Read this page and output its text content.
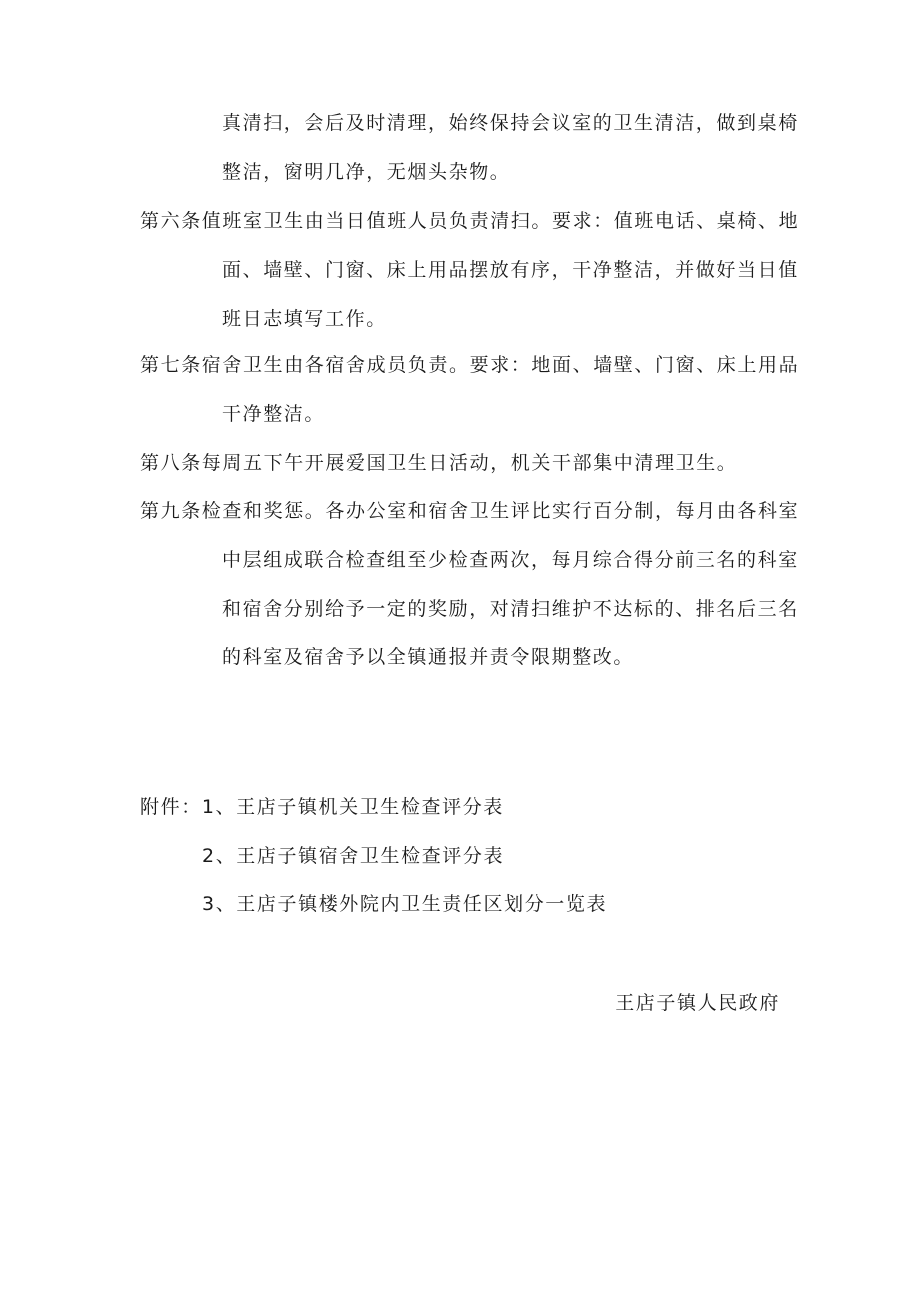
真清扫，会后及时清理，始终保持会议室的卫生清洁，做到桌椅
整洁，窗明几净，无烟头杂物。
第六条值班室卫生由当日值班人员负责清扫。要求：值班电话、桌椅、地
面、墙壁、门窗、床上用品摆放有序，干净整洁，并做好当日值
班日志填写工作。
第七条宿舍卫生由各宿舍成员负责。要求：地面、墙壁、门窗、床上用品
干净整洁。
第八条每周五下午开展爱国卫生日活动，机关干部集中清理卫生。
第九条检查和奖惩。各办公室和宿舍卫生评比实行百分制，每月由各科室
中层组成联合检查组至少检查两次，每月综合得分前三名的科室
和宿舍分别给予一定的奖励，对清扫维护不达标的、排名后三名
的科室及宿舍予以全镇通报并责令限期整改。
附件：1、王店子镇机关卫生检查评分表
2、王店子镇宿舍卫生检查评分表
3、王店子镇楼外院内卫生责任区划分一览表
王店子镇人民政府
